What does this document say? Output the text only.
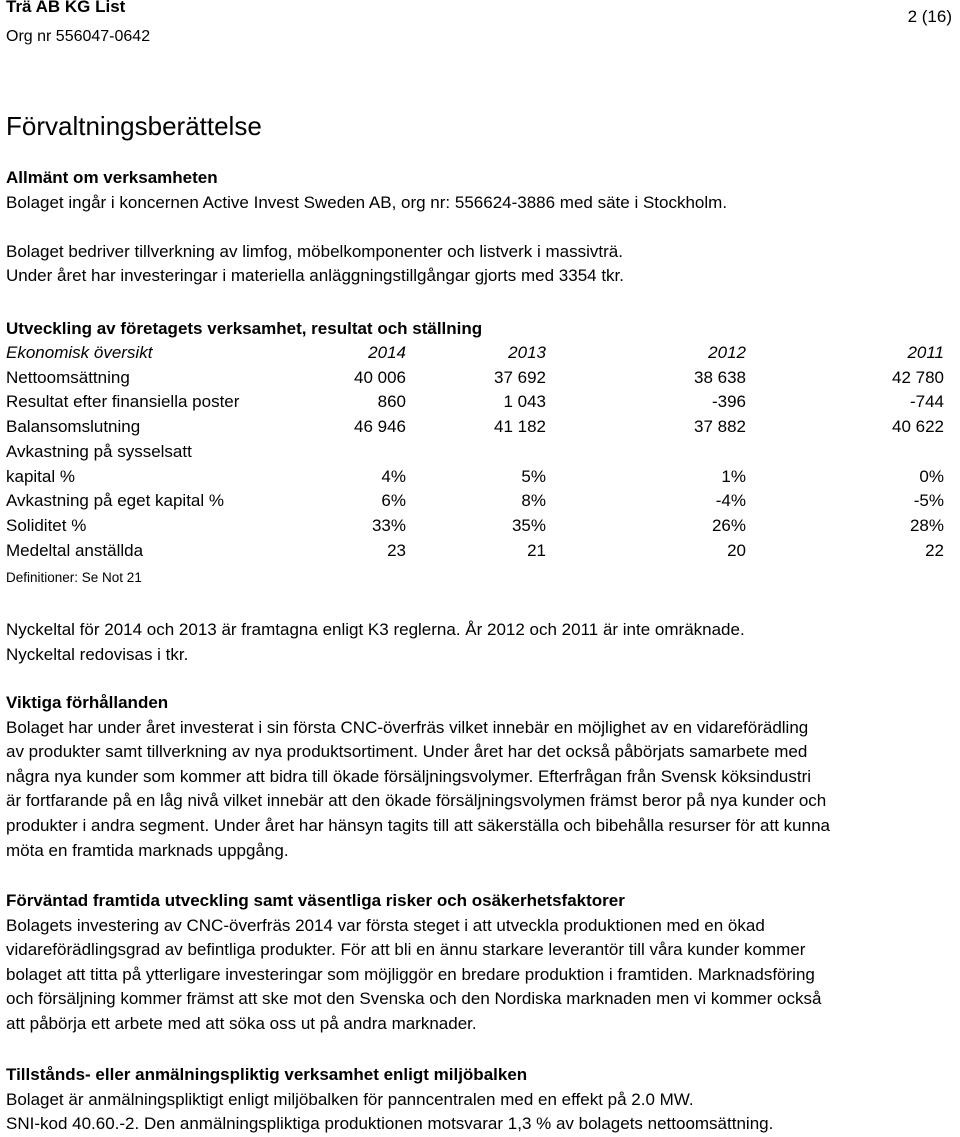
Trä AB KG List
Org nr 556047-0642
2 (16)
Förvaltningsberättelse
Allmänt om verksamheten

Bolaget ingår i koncernen Active Invest Sweden AB, org nr: 556624-3886 med säte i Stockholm.

Bolaget bedriver tillverkning av limfog, möbelkomponenter och listverk i massivträ.

Under året har investeringar i materiella anläggningstillgångar gjorts med 3354 tkr.

Utveckling av företagets verksamhet, resultat och ställning
Ekonomisk översikt	2014	2013	2012	2011
Nettoomsättning	40 006	37 692	38 638	42 780
Resultat efter finansiella poster	860	1 043	-396	-744
Balansomslutning	46 946	41 182	37 882	40 622
Avkastning på sysselsatt				
kapital %	4%	5%	1%	0%
Avkastning på eget kapital %	6%	8%	-4%	-5%
Soliditet %	33%	35%	26%	28%
Medeltal anställda	23	21	20	22
Definitioner: Se Not 21

Nyckeltal för 2014 och 2013 är framtagna enligt K3 reglerna. År 2012 och 2011 är inte omräknade.

Nyckeltal redovisas i tkr.

Viktiga förhållanden

Bolaget har under året investerat i sin första CNC-överfräs vilket innebär en möjlighet av en vidareförädling

av produkter samt tillverkning av nya produktsortiment. Under året har det också påbörjats samarbete med

några nya kunder som kommer att bidra till ökade försäljningsvolymer. Efterfrågan från Svensk köksindustri

är fortfarande på en låg nivå vilket innebär att den ökade försäljningsvolymen främst beror på nya kunder och

produkter i andra segment. Under året har hänsyn tagits till att säkerställa och bibehålla resurser för att kunna

möta en framtida marknads uppgång.

Förväntad framtida utveckling samt väsentliga risker och osäkerhetsfaktorer

Bolagets investering av CNC-överfräs 2014 var första steget i att utveckla produktionen med en ökad

vidareförädlingsgrad av befintliga produkter. För att bli en ännu starkare leverantör till våra kunder kommer

bolaget att titta på ytterligare investeringar som möjliggör en bredare produktion i framtiden. Marknadsföring

och försäljning kommer främst att ske mot den Svenska och den Nordiska marknaden men vi kommer också

att påbörja ett arbete med att söka oss ut på andra marknader.

Tillstånds- eller anmälningspliktig verksamhet enligt miljöbalken

Bolaget är anmälningspliktigt enligt miljöbalken för panncentralen med en effekt på 2.0 MW.

SNI-kod 40.60.-2. Den anmälningspliktiga produktionen motsvarar 1,3 % av bolagets nettoomsättning.
